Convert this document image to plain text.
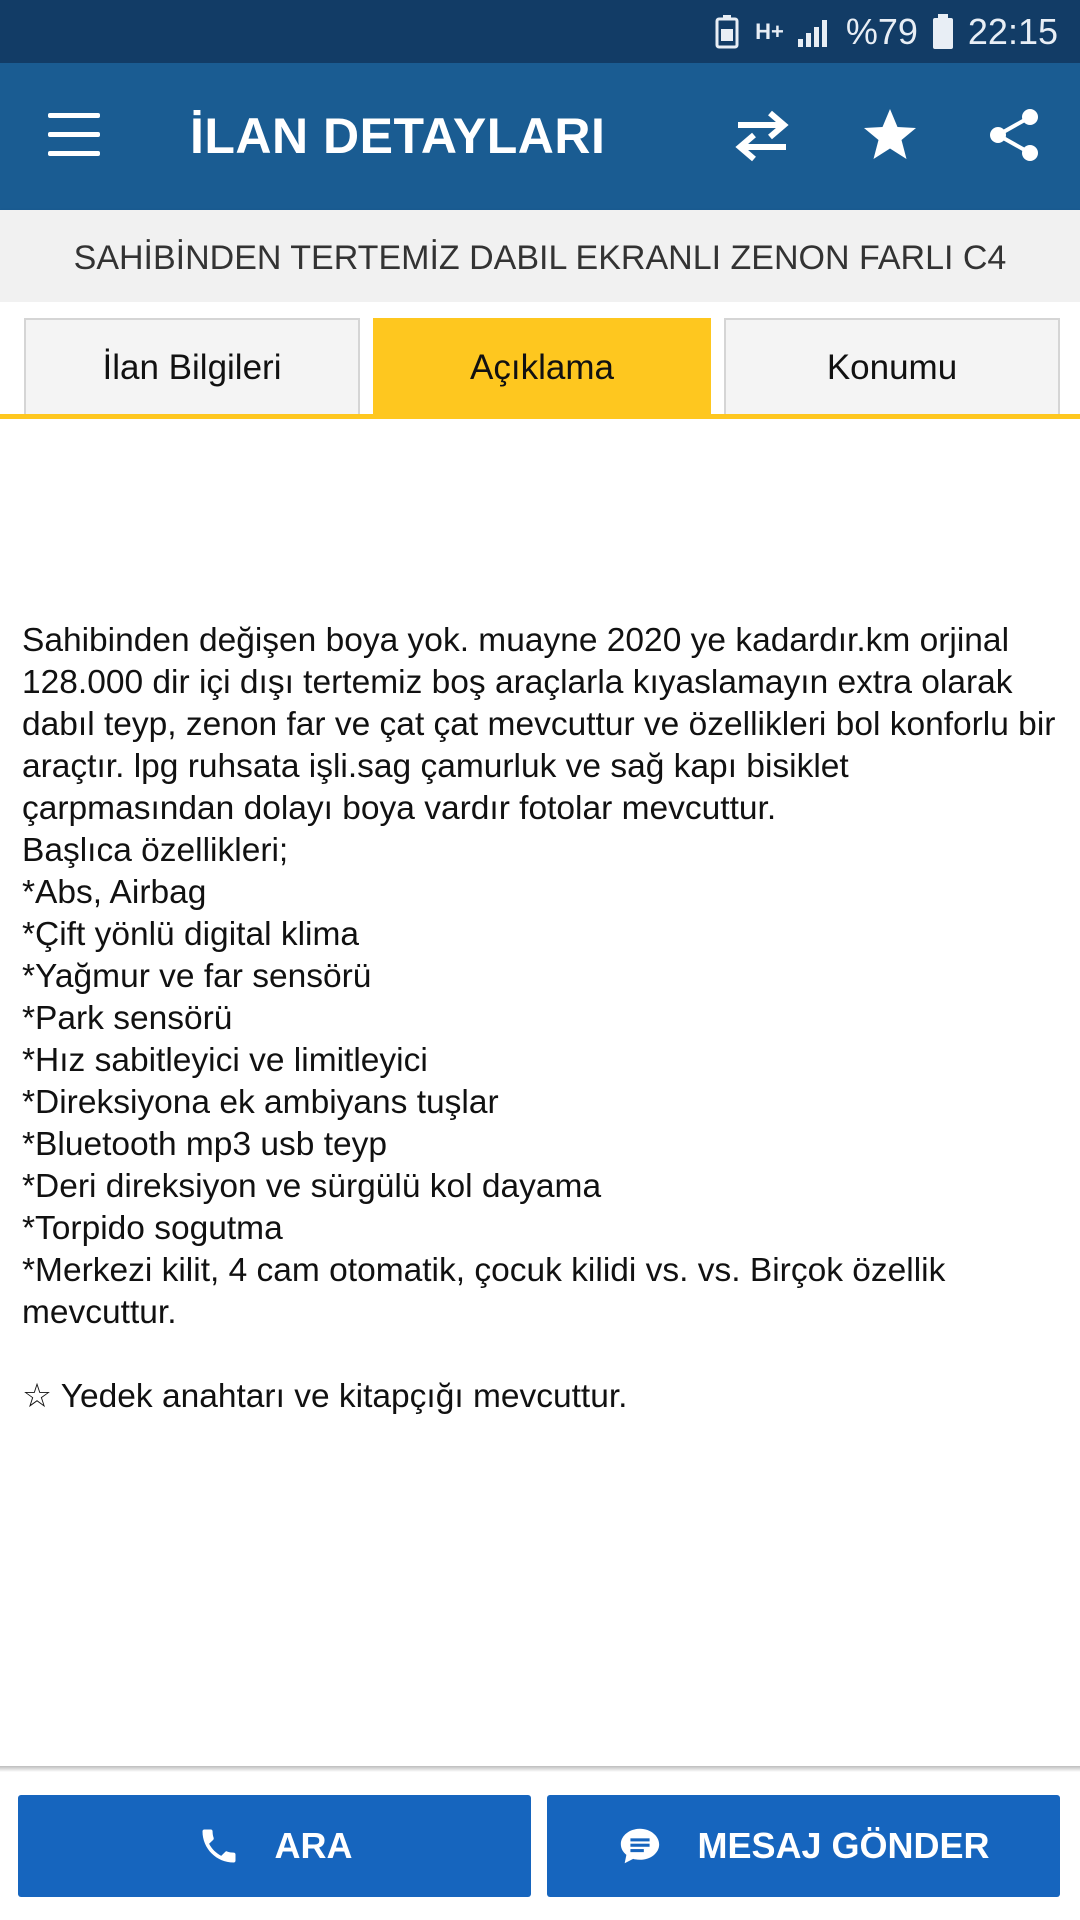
H+ %79 22:15
İLAN DETAYLARI
SAHİBİNDEN TERTEMİZ DABIL EKRANLI ZENON FARLI C4
İlan Bilgileri	Açıklama	Konumu

Sahibinden değişen boya yok. muayne 2020 ye kadardır.km orjinal 128.000 dir içi dışı tertemiz boş araçlarla kıyaslamayın extra olarak dabıl teyp, zenon far ve çat çat mevcuttur ve özellikleri bol konforlu bir araçtır. lpg ruhsata işli.sag çamurluk ve sağ kapı bisiklet çarpmasından dolayı boya vardır fotolar mevcuttur.
Başlıca özellikleri;
*Abs, Airbag
*Çift yönlü digital klima
*Yağmur ve far sensörü
*Park sensörü
*Hız sabitleyici ve limitleyici
*Direksiyona ek ambiyans tuşlar
*Bluetooth mp3 usb teyp
*Deri direksiyon ve sürgülü kol dayama
*Torpido sogutma
*Merkezi kilit, 4 cam otomatik, çocuk kilidi vs. vs. Birçok özellik mevcuttur.

☆ Yedek anahtarı ve kitapçığı mevcuttur.

ARA	MESAJ GÖNDER
